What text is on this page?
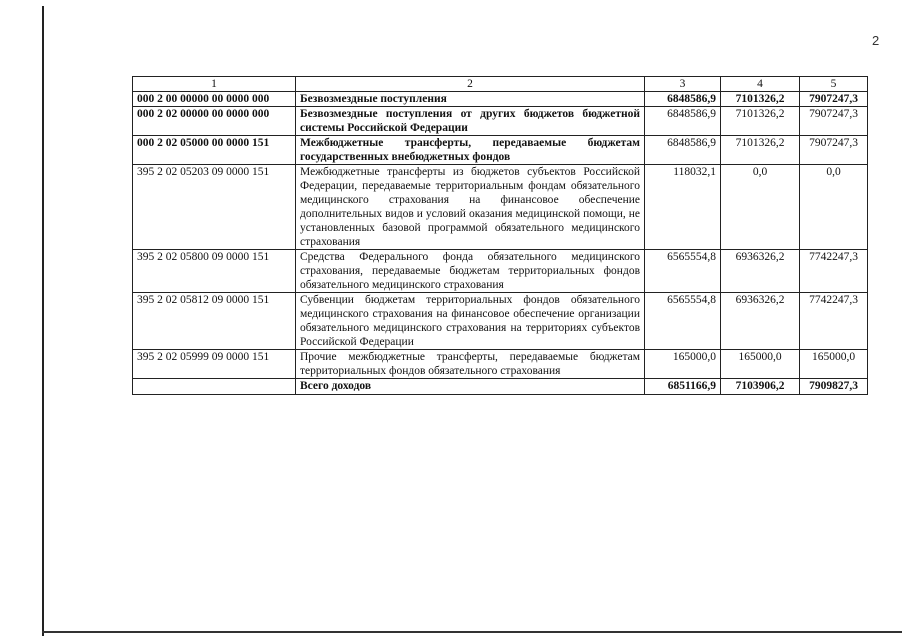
2
1	2	3	4	5
000 2 00 00000 00 0000 000	Безвозмездные поступления	6848586,9	7101326,2	7907247,3
000 2 02 00000 00 0000 000	Безвозмездные поступления от других бюджетов бюджетной системы Российской Федерации	6848586,9	7101326,2	7907247,3
000 2 02 05000 00 0000 151	Межбюджетные трансферты, передаваемые бюджетам государственных внебюджетных фондов	6848586,9	7101326,2	7907247,3
395 2 02 05203 09 0000 151	Межбюджетные трансферты из бюджетов субъектов Российской Федерации, передаваемые территориальным фондам обязательного медицинского страхования на финансовое обеспечение дополнительных видов и условий оказания медицинской помощи, не установленных базовой программой обязательного медицинского страхования	118032,1	0,0	0,0
395 2 02 05800 09 0000 151	Средства Федерального фонда обязательного медицинского страхования, передаваемые бюджетам территориальных фондов обязательного медицинского страхования	6565554,8	6936326,2	7742247,3
395 2 02 05812 09 0000 151	Субвенции бюджетам территориальных фондов обязательного медицинского страхования на финансовое обеспечение организации обязательного медицинского страхования на территориях субъектов Российской Федерации	6565554,8	6936326,2	7742247,3
395 2 02 05999 09 0000 151	Прочие межбюджетные трансферты, передаваемые бюджетам территориальных фондов обязательного страхования	165000,0	165000,0	165000,0
	Всего доходов	6851166,9	7103906,2	7909827,3
